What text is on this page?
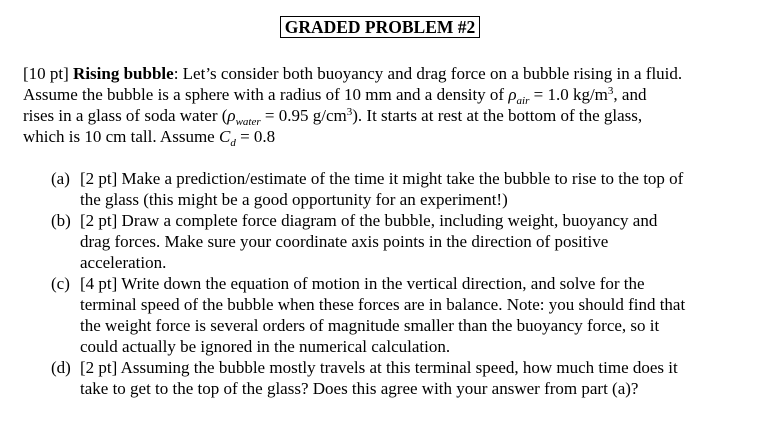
GRADED PROBLEM #2
[10 pt] Rising bubble: Let’s consider both buoyancy and drag force on a bubble rising in a fluid.
Assume the bubble is a sphere with a radius of 10 mm and a density of $\rho_{air} = 1.0$ $kg/m^3$, and
rises in a glass of soda water ($\rho_{water} = 0.95$ $g/cm^3$). It starts at rest at the bottom of the glass,
which is 10 cm tall. Assume $C_d = 0.8$
(a) [2 pt] Make a prediction/estimate of the time it might take the bubble to rise to the top of
the glass (this might be a good opportunity for an experiment!)
(b) [2 pt] Draw a complete force diagram of the bubble, including weight, buoyancy and
drag forces. Make sure your coordinate axis points in the direction of positive
acceleration.
(c) [4 pt] Write down the equation of motion in the vertical direction, and solve for the
terminal speed of the bubble when these forces are in balance. Note: you should find that
the weight force is several orders of magnitude smaller than the buoyancy force, so it
could actually be ignored in the numerical calculation.
(d) [2 pt] Assuming the bubble mostly travels at this terminal speed, how much time does it
take to get to the top of the glass? Does this agree with your answer from part (a)?
